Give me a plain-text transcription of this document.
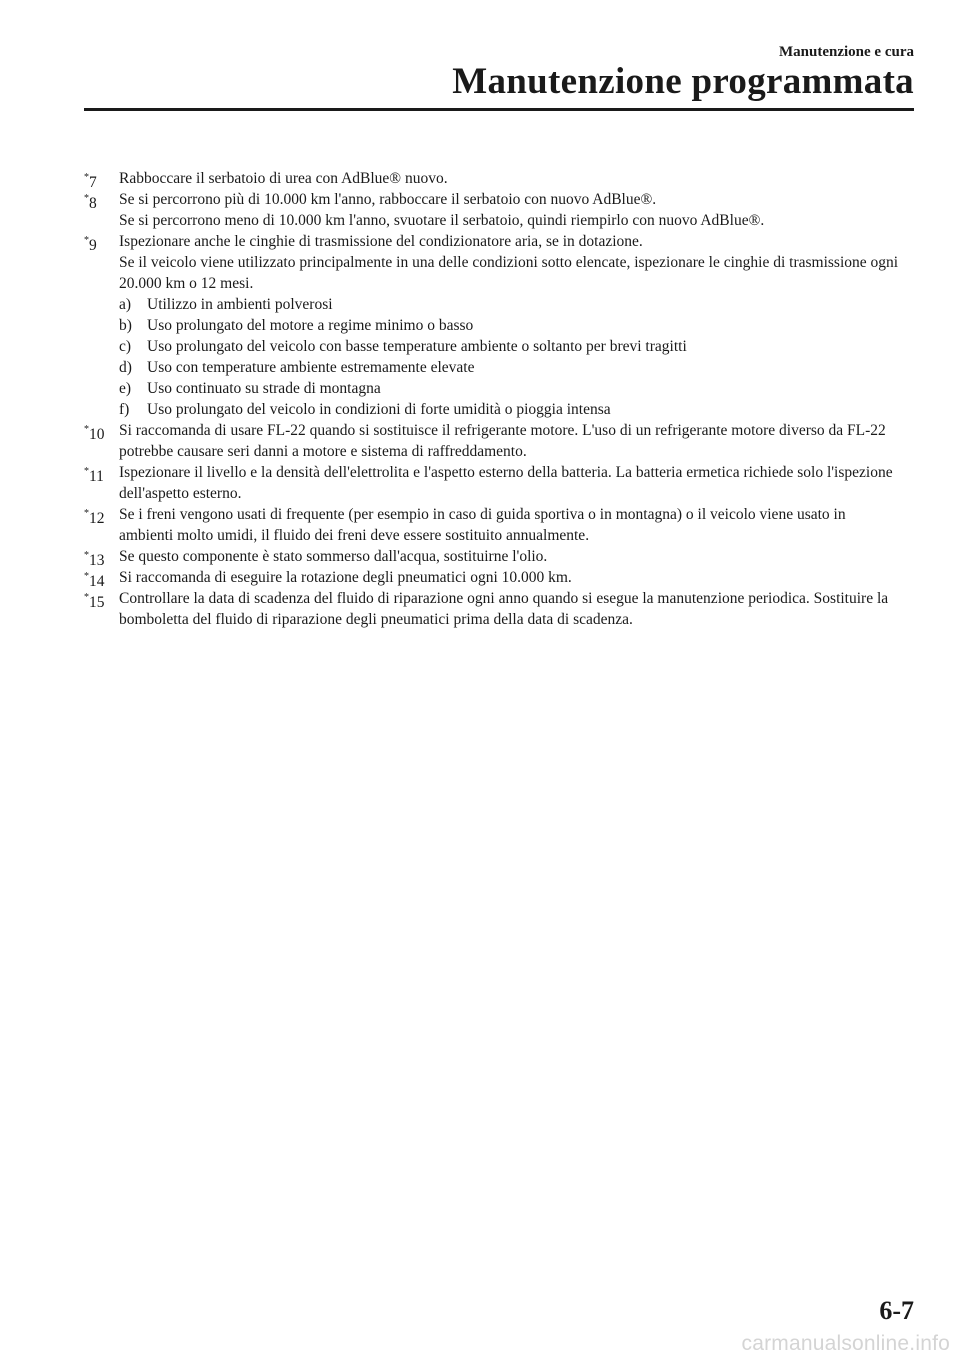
Manutenzione e cura
Manutenzione programmata
*7 Rabboccare il serbatoio di urea con AdBlue® nuovo.
*8 Se si percorrono più di 10.000 km l'anno, rabboccare il serbatoio con nuovo AdBlue®.
Se si percorrono meno di 10.000 km l'anno, svuotare il serbatoio, quindi riempirlo con nuovo AdBlue®.
*9 Ispezionare anche le cinghie di trasmissione del condizionatore aria, se in dotazione.
Se il veicolo viene utilizzato principalmente in una delle condizioni sotto elencate, ispezionare le cinghie di trasmissione ogni 20.000 km o 12 mesi.
a) Utilizzo in ambienti polverosi
b) Uso prolungato del motore a regime minimo o basso
c) Uso prolungato del veicolo con basse temperature ambiente o soltanto per brevi tragitti
d) Uso con temperature ambiente estremamente elevate
e) Uso continuato su strade di montagna
f) Uso prolungato del veicolo in condizioni di forte umidità o pioggia intensa
*10 Si raccomanda di usare FL-22 quando si sostituisce il refrigerante motore. L'uso di un refrigerante motore diverso da FL-22 potrebbe causare seri danni a motore e sistema di raffreddamento.
*11 Ispezionare il livello e la densità dell'elettrolita e l'aspetto esterno della batteria. La batteria ermetica richiede solo l'ispezione dell'aspetto esterno.
*12 Se i freni vengono usati di frequente (per esempio in caso di guida sportiva o in montagna) o il veicolo viene usato in ambienti molto umidi, il fluido dei freni deve essere sostituito annualmente.
*13 Se questo componente è stato sommerso dall'acqua, sostituirne l'olio.
*14 Si raccomanda di eseguire la rotazione degli pneumatici ogni 10.000 km.
*15 Controllare la data di scadenza del fluido di riparazione ogni anno quando si esegue la manutenzione periodica. Sostituire la bomboletta del fluido di riparazione degli pneumatici prima della data di scadenza.
6-7
carmanualsonline.info
